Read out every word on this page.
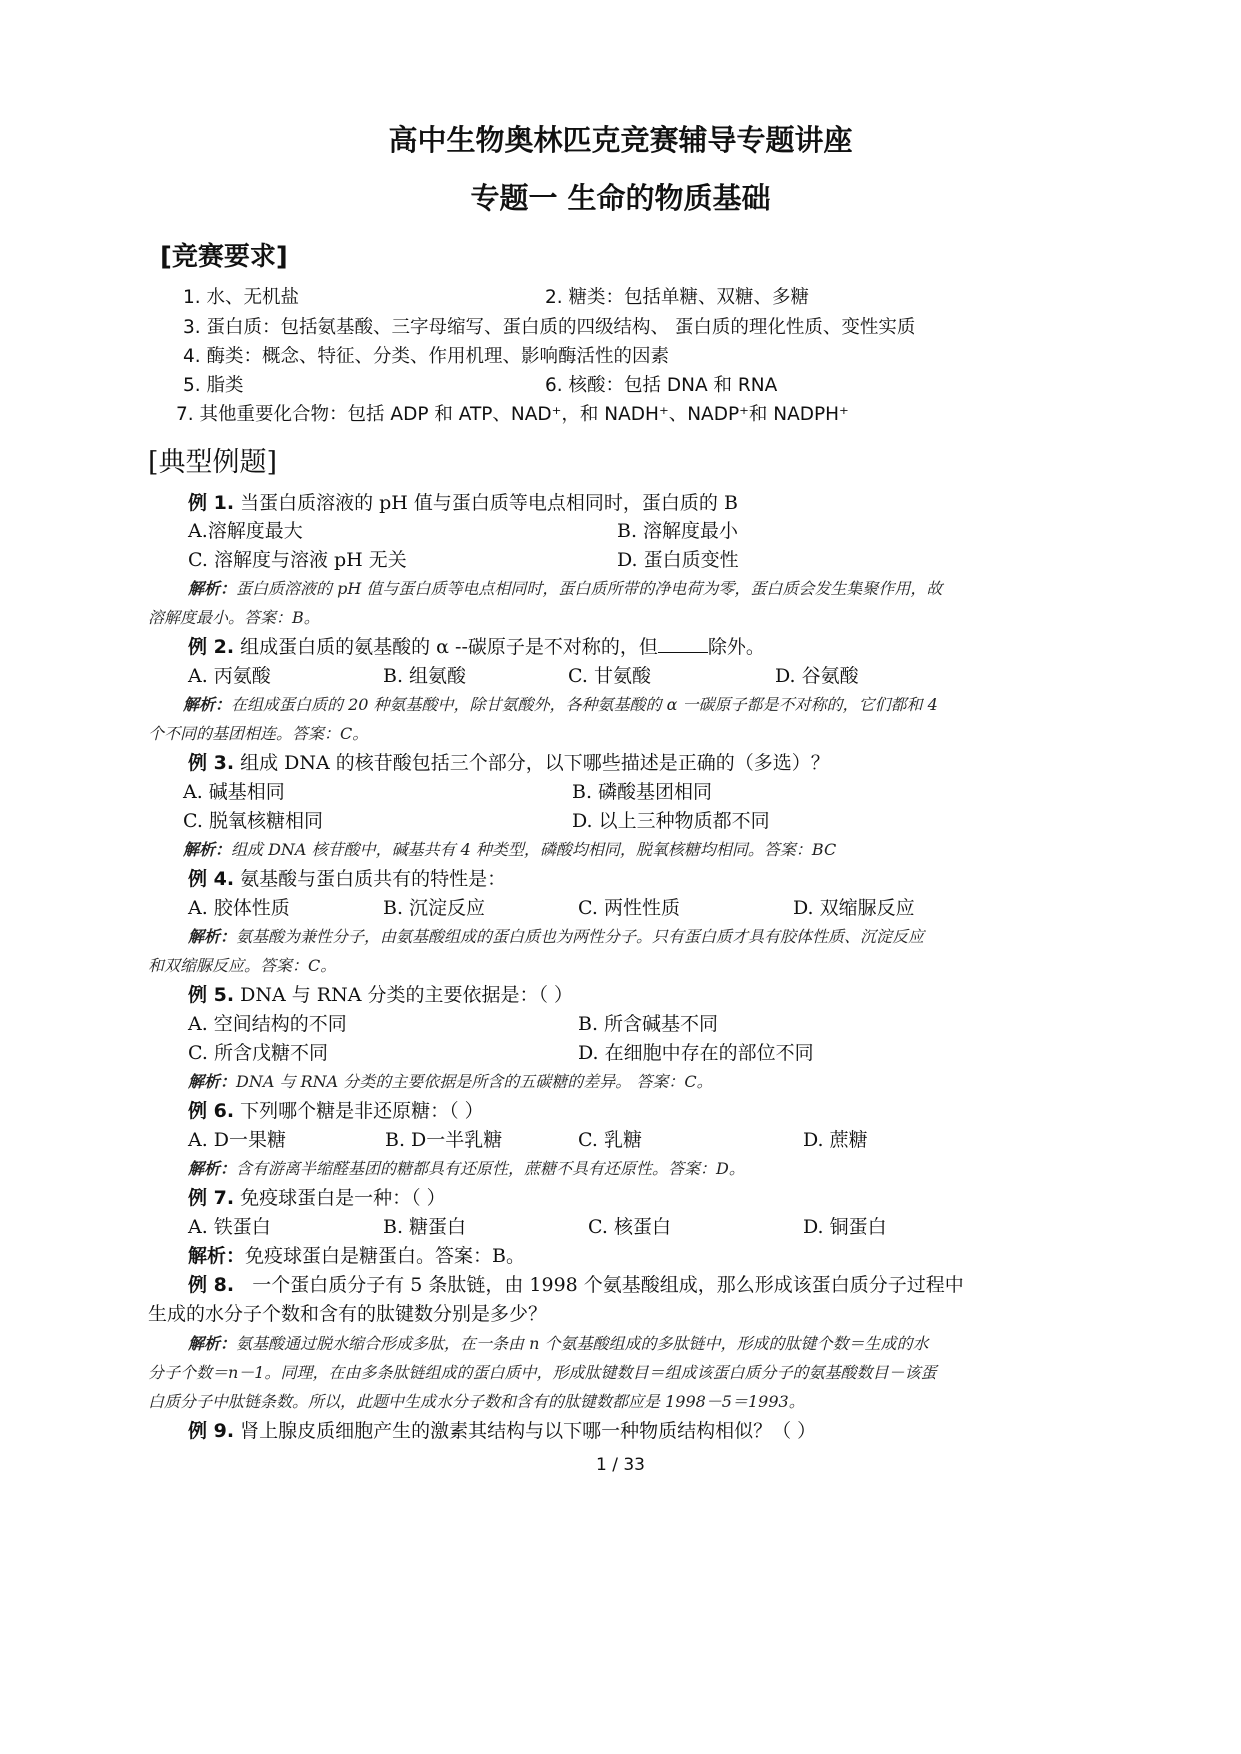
高中生物奥林匹克竞赛辅导专题讲座
专题一 生命的物质基础
[竞赛要求]
1. 水、无机盐	2. 糖类：包括单糖、双糖、多糖
3. 蛋白质：包括氨基酸、三字母缩写、蛋白质的四级结构、 蛋白质的理化性质、变性实质
4. 酶类：概念、特征、分类、作用机理、影响酶活性的因素
5. 脂类	6. 核酸：包括 DNA 和 RNA
7. 其他重要化合物：包括 ADP 和 ATP、NAD⁺，和 NADH⁺、NADP⁺和 NADPH⁺
[典型例题]
例 1. 当蛋白质溶液的 pH 值与蛋白质等电点相同时，蛋白质的 B
A.溶解度最大	B. 溶解度最小
C. 溶解度与溶液 pH 无关	D. 蛋白质变性
解析：蛋白质溶液的 pH 值与蛋白质等电点相同时，蛋白质所带的净电荷为零，蛋白质会发生集聚作用，故
溶解度最小。答案：B。
例 2. 组成蛋白质的氨基酸的 α --碳原子是不对称的，但	除外。
A. 丙氨酸	B. 组氨酸	C. 甘氨酸	D. 谷氨酸
解析：在组成蛋白质的 20 种氨基酸中，除甘氨酸外，各种氨基酸的 α 一碳原子都是不对称的，它们都和 4
个不同的基团相连。答案：C。
例 3. 组成 DNA 的核苷酸包括三个部分，以下哪些描述是正确的（多选）？
A. 碱基相同	B. 磷酸基团相同
C. 脱氧核糖相同	D. 以上三种物质都不同
解析：组成 DNA 核苷酸中，碱基共有 4 种类型，磷酸均相同，脱氧核糖均相同。答案：BC
例 4. 氨基酸与蛋白质共有的特性是：
A. 胶体性质	B. 沉淀反应	C. 两性性质	D. 双缩脲反应
解析：氨基酸为兼性分子，由氨基酸组成的蛋白质也为两性分子。只有蛋白质才具有胶体性质、沉淀反应
和双缩脲反应。答案：C。
例 5. DNA 与 RNA 分类的主要依据是：（ ）
A. 空间结构的不同	B. 所含碱基不同
C. 所含戊糖不同	D. 在细胞中存在的部位不同
解析：DNA 与 RNA 分类的主要依据是所含的五碳糖的差异。 答案：C。
例 6. 下列哪个糖是非还原糖：（ ）
A. D一果糖	B. D一半乳糖	C. 乳糖	D. 蔗糖
解析：含有游离半缩醛基团的糖都具有还原性，蔗糖不具有还原性。答案：D。
例 7. 免疫球蛋白是一种：（ ）
A. 铁蛋白	B. 糖蛋白	C. 核蛋白	D. 铜蛋白
解析：免疫球蛋白是糖蛋白。答案：B。
例 8. 一个蛋白质分子有 5 条肽链，由 1998 个氨基酸组成，那么形成该蛋白质分子过程中
生成的水分子个数和含有的肽键数分别是多少？
解析：氨基酸通过脱水缩合形成多肽，在一条由 n 个氨基酸组成的多肽链中，形成的肽键个数＝生成的水
分子个数＝n－1。同理，在由多条肽链组成的蛋白质中，形成肽键数目＝组成该蛋白质分子的氨基酸数目－该蛋
白质分子中肽链条数。所以，此题中生成水分子数和含有的肽键数都应是 1998－5＝1993。
例 9. 肾上腺皮质细胞产生的激素其结构与以下哪一种物质结构相似？（ ）
1 / 33
